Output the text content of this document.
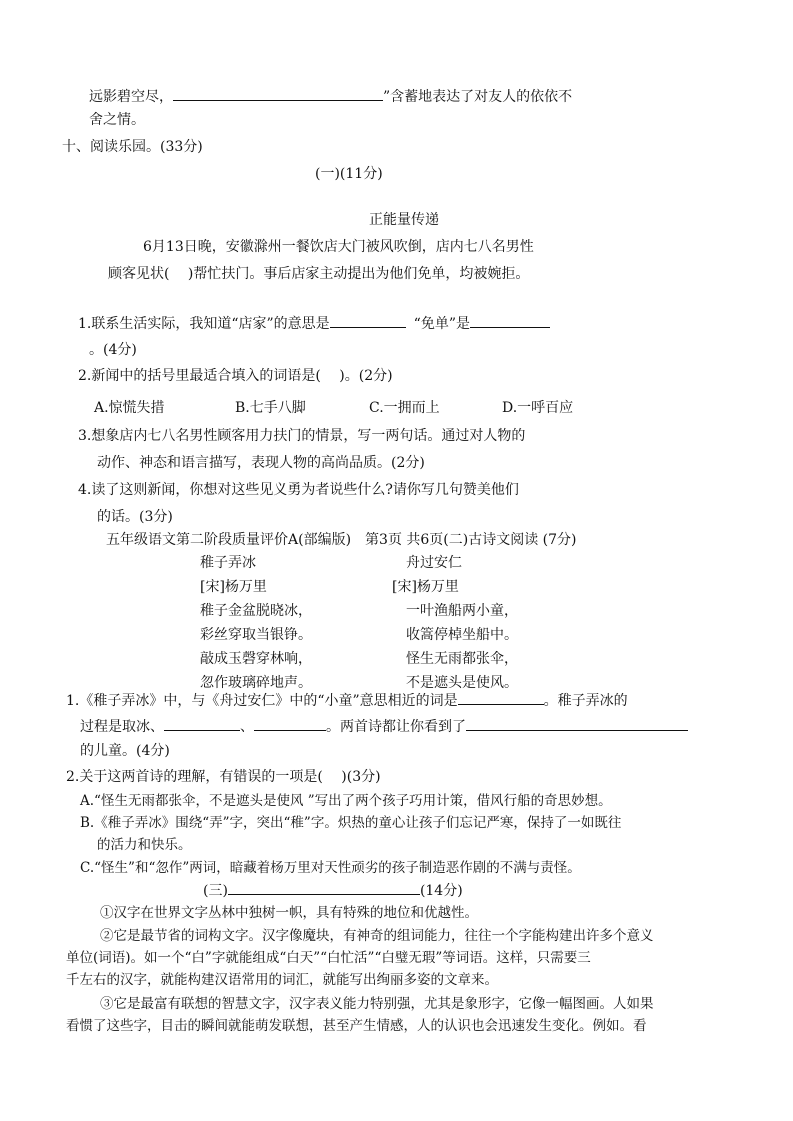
远影碧空尽，	”含蓄地表达了对友人的依依不
舍之情。
十、阅读乐园。(33分)
(一)(11分)
正能量传递
6月13日晚，安徽滁州一餐饮店大门被风吹倒，店内七八名男性
顾客见状(　 )帮忙扶门。事后店家主动提出为他们免单，均被婉拒。
1.联系生活实际，我知道“店家”的意思是	“免单”是
。(4分)
2.新闻中的括号里最适合填入的词语是(　 )。(2分)
A.惊慌失措	B.七手八脚	C.一拥而上	D.一呼百应
3.想象店内七八名男性顾客用力扶门的情景，写一两句话。通过对人物的
动作、神态和语言描写，表现人物的高尚品质。(2分)
4.读了这则新闻，你想对这些见义勇为者说些什么?请你写几句赞美他们
的话。(3分)
五年级语文第二阶段质量评价A(部编版)　第3页 共6页(二)古诗文阅读 (7分)
稚子弄冰
[宋]杨万里
稚子金盆脱晓冰，
彩丝穿取当银铮。
敲成玉磬穿林响，
忽作玻璃碎地声。
舟过安仁
[宋]杨万里
一叶渔船两小童，
收篙停棹坐船中。
怪生无雨都张伞，
不是遮头是使风。
1.《稚子弄冰》中，与《舟过安仁》中的“小童”意思相近的词是	。稚子弄冰的
过程是取冰、	、	。两首诗都让你看到了
的儿童。(4分)
2.关于这两首诗的理解，有错误的一项是(　 )(3分)
A.“怪生无雨都张伞，不是遮头是使风 ”写出了两个孩子巧用计策，借风行船的奇思妙想。
B.《稚子弄冰》围绕“弄”字，突出“稚”字。炽热的童心让孩子们忘记严寒，保持了一如既往
的活力和快乐。
C.“怪生”和“忽作”两词，暗藏着杨万里对天性顽劣的孩子制造恶作剧的不满与责怪。
(三)	(14分)
①汉字在世界文字丛林中独树一帜，具有特殊的地位和优越性。
②它是最节省的词构文字。汉字像魔块，有神奇的组词能力，往往一个字能构建出许多个意义
单位(词语)。如一个“白”字就能组成“白天”“白忙活”“白璧无瑕”等词语。这样，只需要三
千左右的汉字，就能构建汉语常用的词汇，就能写出绚丽多姿的文章来。
③它是最富有联想的智慧文字，汉字表义能力特别强，尤其是象形字，它像一幅图画。人如果
看惯了这些字，目击的瞬间就能萌发联想，甚至产生情感，人的认识也会迅速发生变化。例如。看
